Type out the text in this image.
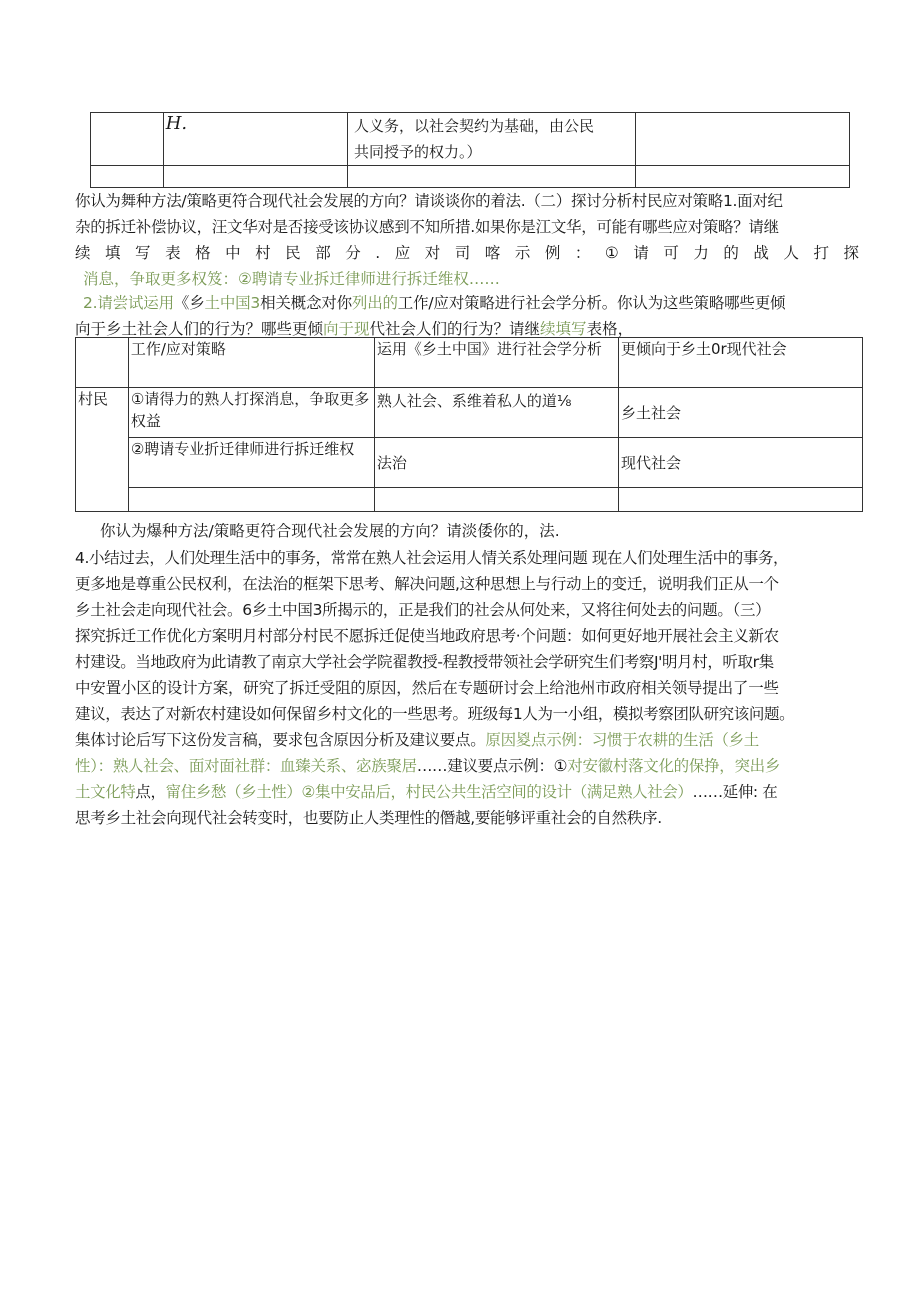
	H.	人义务，以社会契约为基础，由公民
共同授予的权力。）	

你认为舞种方法/策略更符合现代社会发展的方向？请谈谈你的着法.（二）探讨分析村民应对策略1.面对纪
杂的拆迁补偿协议，汪文华对是否接受该协议感到不知所措.如果你是江文华，可能有哪些应对策略？请继
续填写表格中村民部分.应对司喀示例：①请可力的战人打探
消息，争取更多权笈：②聘请专业拆迁律师进行拆迁维权……
2.请尝试运用《乡土中国3相关概念对你列出的工作/应对策略进行社会学分析。你认为这些策略哪些更倾
向于乡土社会人们的行为？哪些更倾向于现代社会人们的行为？请继续填写表格，
	工作/应对策略	运用《乡土中国》进行社会学分析	更倾向于乡土0r现代社会
村民	①请得力的熟人打探消息，争取更多权益	熟人社会、系维着私人的道⅛	乡土社会
	②聘请专业折迁律师进行拆迁维权	法治	现代社会

你认为爆种方法/策略更符合现代社会发展的方向？请淡倭你的，法.
4.小结过去，人们处理生活中的事务，常常在熟人社会运用人情关系处理问题 现在人们处理生活中的事务，
更多地是尊重公民权利，在法治的框架下思考、解决问题,这种思想上与行动上的变迁，说明我们正从一个
乡土社会走向现代社会。6乡土中国3所揭示的，正是我们的社会从何处来，又将往何处去的问题。（三）
探究拆迁工作优化方案明月村部分村民不愿拆迁促使当地政府思考·个问题：如何更好地开展社会主义新农
村建设。当地政府为此请教了南京大学社会学院翟教授-程教授带领社会学研究生们考察J'明月村，听取r集
中安置小区的设计方案，研究了拆迁受阻的原因，然后在专题研讨会上给池州市政府相关领导提出了一些
建议，表达了对新农村建设如何保留乡村文化的一些思考。班级每1人为一小组，模拟考察团队研究该问题。
集体讨论后写下这份发言稿，要求包含原因分析及建议要点。原因㚇点示例：习惯于农耕的生活（乡土
性）：熟人社会、面对面社群：血臻关系、宓族聚居……建议要点示例：①对安徽村落文化的保挣，突出乡
土文化特点，甯住乡愁（乡土性）②集中安品后，村民公共生活空间的设计（满足熟人社会）……延伸: 在
思考乡土社会向现代社会转变时，也要防止人类理性的僭越,要能够评重社会的自然秩序.
